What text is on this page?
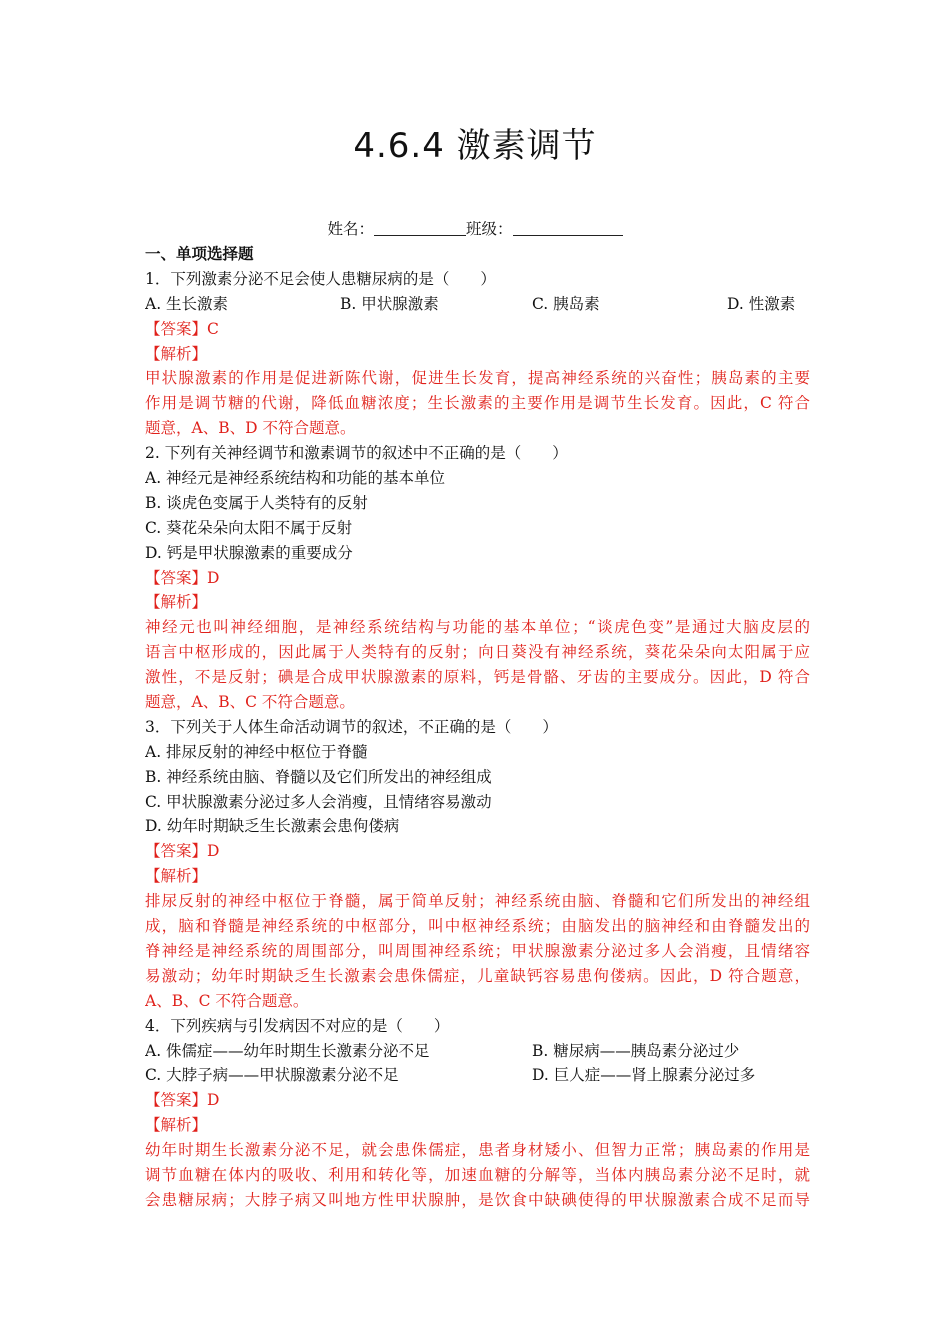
4.6.4 激素调节
姓名：	班级：
一、单项选择题
1．下列激素分泌不足会使人患糖尿病的是（　　）
A. 生长激素	B. 甲状腺激素	C. 胰岛素	D. 性激素
【答案】C
【解析】
甲状腺激素的作用是促进新陈代谢，促进生长发育，提高神经系统的兴奋性；胰岛素的主要
作用是调节糖的代谢，降低血糖浓度；生长激素的主要作用是调节生长发育。因此，C 符合
题意，A、B、D 不符合题意。
2. 下列有关神经调节和激素调节的叙述中不正确的是（　　）
A. 神经元是神经系统结构和功能的基本单位
B. 谈虎色变属于人类特有的反射
C. 葵花朵朵向太阳不属于反射
D. 钙是甲状腺激素的重要成分
【答案】D
【解析】
神经元也叫神经细胞，是神经系统结构与功能的基本单位；“谈虎色变”是通过大脑皮层的
语言中枢形成的，因此属于人类特有的反射；向日葵没有神经系统，葵花朵朵向太阳属于应
激性，不是反射；碘是合成甲状腺激素的原料，钙是骨骼、牙齿的主要成分。因此，D 符合
题意，A、B、C 不符合题意。
3．下列关于人体生命活动调节的叙述，不正确的是（　　）
A. 排尿反射的神经中枢位于脊髓
B. 神经系统由脑、脊髓以及它们所发出的神经组成
C. 甲状腺激素分泌过多人会消瘦，且情绪容易激动
D. 幼年时期缺乏生长激素会患佝偻病
【答案】D
【解析】
排尿反射的神经中枢位于脊髓，属于简单反射；神经系统由脑、脊髓和它们所发出的神经组
成，脑和脊髓是神经系统的中枢部分，叫中枢神经系统；由脑发出的脑神经和由脊髓发出的
脊神经是神经系统的周围部分，叫周围神经系统；甲状腺激素分泌过多人会消瘦，且情绪容
易激动；幼年时期缺乏生长激素会患侏儒症，儿童缺钙容易患佝偻病。因此，D 符合题意，
A、B、C 不符合题意。
4．下列疾病与引发病因不对应的是（　　）
A. 侏儒症——幼年时期生长激素分泌不足	B. 糖尿病——胰岛素分泌过少
C. 大脖子病——甲状腺激素分泌不足	D. 巨人症——肾上腺素分泌过多
【答案】D
【解析】
幼年时期生长激素分泌不足，就会患侏儒症，患者身材矮小、但智力正常；胰岛素的作用是
调节血糖在体内的吸收、利用和转化等，加速血糖的分解等，当体内胰岛素分泌不足时，就
会患糖尿病；大脖子病又叫地方性甲状腺肿，是饮食中缺碘使得的甲状腺激素合成不足而导
